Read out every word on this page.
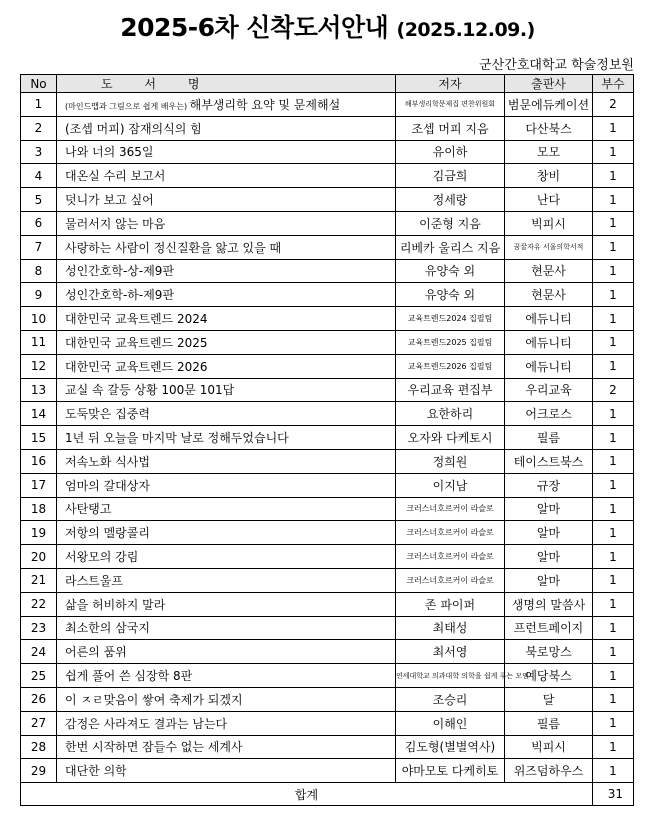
2025-6차 신착도서안내 (2025.12.09.)
군산간호대학교 학술정보원
No	도 서 명	저자	출판사	부수
1	(마인드맵과 그림으로 쉽게 배우는) 해부생리학 요약 및 문제해설	해부생리학문제집 편찬위원회	범문에듀케이션	2
2	(조셉 머피) 잠재의식의 힘	조셉 머피 지음	다산북스	1
3	나와 너의 365일	유이하	모모	1
4	대온실 수리 보고서	김금희	창비	1
5	덧니가 보고 싶어	정세랑	난다	1
6	물러서지 않는 마음	이준형 지음	빅피시	1
7	사랑하는 사람이 정신질환을 앓고 있을 때	리베카 울리스 지음	꿈꿀자유 서울의학서적	1
8	성인간호학-상-제9판	유양숙 외	현문사	1
9	성인간호학-하-제9판	유양숙 외	현문사	1
10	대한민국 교육트렌드 2024	교육트렌드2024 집필팀	에듀니티	1
11	대한민국 교육트렌드 2025	교육트렌드2025 집필팀	에듀니티	1
12	대한민국 교육트렌드 2026	교육트렌드2026 집필팀	에듀니티	1
13	교실 속 갈등 상황 100문 101답	우리교육 편집부	우리교육	2
14	도둑맞은 집중력	요한하리	어크로스	1
15	1년 뒤 오늘을 마지막 날로 정해두었습니다	오자와 다케토시	필름	1
16	저속노화 식사법	정희원	테이스트북스	1
17	엄마의 갈대상자	이지남	규장	1
18	사탄탱고	크러스너호르커이 라슬로	알마	1
19	저항의 멜랑콜리	크러스너호르커이 라슬로	알마	1
20	서왕모의 강림	크러스너호르커이 라슬로	알마	1
21	라스트울프	크러스너호르커이 라슬로	알마	1
22	삶을 허비하지 말라	존 파이퍼	생명의 말씀사	1
23	최소한의 삼국지	최태성	프런트페이지	1
24	어른의 품위	최서영	북로망스	1
25	쉽게 풀어 쓴 심장학 8판	연세대학교 의과대학 의학을 쉽게 푸는 모임	예당북스	1
26	이 ㅈㄹ맞음이 쌓여 축제가 되겠지	조승리	달	1
27	감정은 사라져도 결과는 남는다	이해인	필름	1
28	한번 시작하면 잠들수 없는 세계사	김도형(별별역사)	빅피시	1
29	대단한 의학	야마모토 다케히토	위즈덤하우스	1
합계				31
